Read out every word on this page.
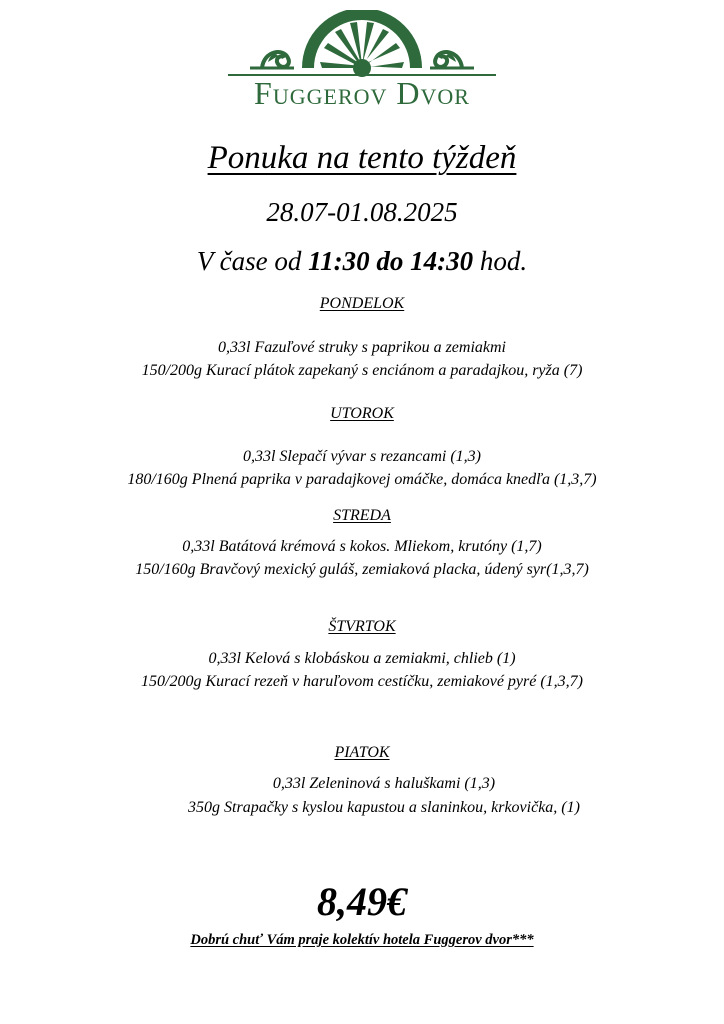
Fuggerov Dvor
Ponuka na tento týždeň
28.07-01.08.2025
V čase od 11:30 do 14:30 hod.
PONDELOK
0,33l Fazuľové struky s paprikou a zemiakmi
150/200g Kurací plátok zapekaný s enciánom a paradajkou, ryža (7)
UTOROK
0,33l Slepačí vývar s rezancami (1,3)
180/160g Plnená paprika v paradajkovej omáčke, domáca knedľa (1,3,7)
STREDA
0,33l Batátová krémová s kokos. Mliekom, krutóny (1,7)
150/160g Bravčový mexický guláš, zemiaková placka, údený syr(1,3,7)
ŠTVRTOK
0,33l Kelová s klobáskou a zemiakmi, chlieb (1)
150/200g Kurací rezeň v haruľovom cestíčku, zemiakové pyré (1,3,7)
PIATOK
0,33l Zeleninová s haluškami (1,3)
350g Strapačky s kyslou kapustou a slaninkou, krkovička, (1)
8,49€
Dobrú chuť Vám praje kolektív hotela Fuggerov dvor***
